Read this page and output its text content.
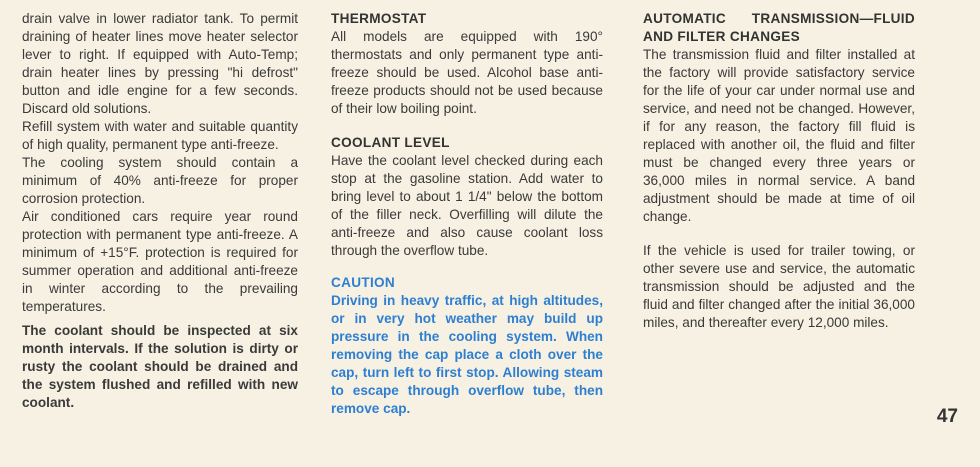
drain valve in lower radiator tank. To permit draining of heater lines move heater selector lever to right. If equipped with Auto-Temp; drain heater lines by pressing "hi defrost" button and idle engine for a few seconds. Discard old solutions.

Refill system with water and suitable quantity of high quality, permanent type anti-freeze.

The cooling system should contain a minimum of 40% anti-freeze for proper corrosion protection.

Air conditioned cars require year round protection with permanent type anti-freeze. A minimum of +15°F. protection is required for summer operation and additional anti-freeze in winter according to the prevailing temperatures.

The coolant should be inspected at six month intervals. If the solution is dirty or rusty the coolant should be drained and the system flushed and refilled with new coolant.

THERMOSTAT

All models are equipped with 190° thermostats and only permanent type anti-freeze should be used. Alcohol base anti-freeze products should not be used because of their low boiling point.

COOLANT LEVEL

Have the coolant level checked during each stop at the gasoline station. Add water to bring level to about 1 1/4" below the bottom of the filler neck. Overfilling will dilute the anti-freeze and also cause coolant loss through the overflow tube.

CAUTION

Driving in heavy traffic, at high altitudes, or in very hot weather may build up pressure in the cooling system. When removing the cap place a cloth over the cap, turn left to first stop. Allowing steam to escape through overflow tube, then remove cap.

AUTOMATIC TRANSMISSION—FLUID AND FILTER CHANGES

The transmission fluid and filter installed at the factory will provide satisfactory service for the life of your car under normal use and service, and need not be changed. However, if for any reason, the factory fill fluid is replaced with another oil, the fluid and filter must be changed every three years or 36,000 miles in normal service. A band adjustment should be made at time of oil change.

If the vehicle is used for trailer towing, or other severe use and service, the automatic transmission should be adjusted and the fluid and filter changed after the initial 36,000 miles, and thereafter every 12,000 miles.

47
